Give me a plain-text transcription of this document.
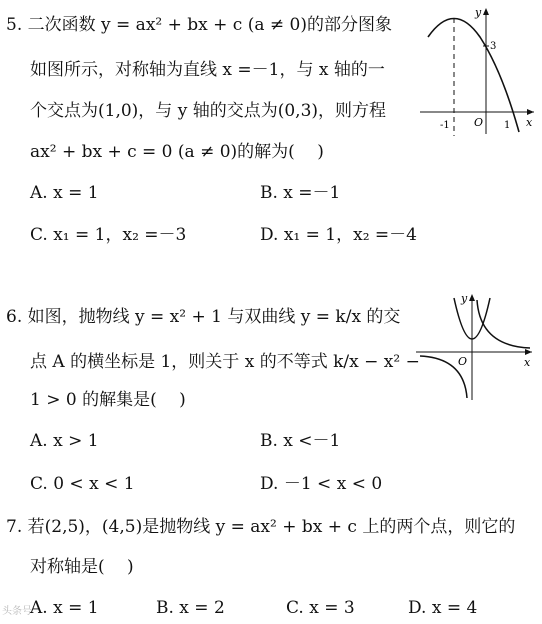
5. 二次函数 y = ax² + bx + c (a ≠ 0)的部分图象
如图所示，对称轴为直线 x =－1，与 x 轴的一
个交点为(1,0)，与 y 轴的交点为(0,3)，则方程
ax² + bx + c = 0 (a ≠ 0)的解为(　 )
A. x = 1	B. x =－1
C. x₁ = 1，x₂ =－3	D. x₁ = 1，x₂ =－4
y
x
O
3
-1	1
6. 如图，抛物线 y = x² + 1 与双曲线 y = k/x 的交
点 A 的横坐标是 1，则关于 x 的不等式 k/x − x² −
1 > 0 的解集是(　 )
A. x > 1	B. x <－1
C. 0 < x < 1	D. －1 < x < 0
y
x
O
7. 若(2,5)，(4,5)是抛物线 y = ax² + bx + c 上的两个点，则它的
对称轴是(　 )
A. x = 1	B. x = 2	C. x = 3	D. x = 4
头条号
